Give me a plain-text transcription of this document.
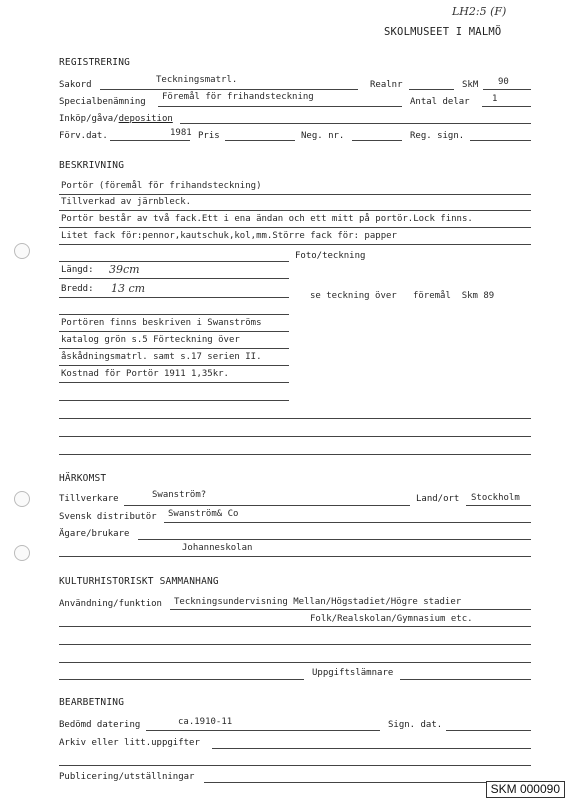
LH2:5 (F)
SKOLMUSEET I MALMÖ
REGISTRERING
Sakord	Teckningsmatrl.	Realnr	SkM 90
Specialbenämning Föremål för frihandsteckning	Antal delar 1
Inköp/gåva/deposition
Förv.dat.	1981 Pris	Neg. nr.	Reg. sign.
BESKRIVNING
Portör (föremål för frihandsteckning)
Tillverkad av järnbleck.
Portör består av två fack.Ett i ena ändan och ett mitt på portör.Lock finns.
Litet fack för:pennor,kautschuk,kol,mm.Större fack för: papper
Foto/teckning
Längd: 39cm
Bredd: 13 cm
se teckning över   föremål  Skm 89
Portören finns beskriven i Swanströms
katalog grön s.5 Förteckning över
åskådningsmatrl. samt s.17 serien II.
Kostnad för Portör 1911 1,35kr.
HÄRKOMST
Tillverkare	Swanström?	Land/ort Stockholm
Svensk distributör Swanström& Co
Ägare/brukare
Johanneskolan
KULTURHISTORISKT SAMMANHANG
Användning/funktion Teckningsundervisning Mellan/Högstadiet/Högre stadier
Folk/Realskolan/Gymnasium etc.
Uppgiftslämnare
BEARBETNING
Bedömd datering	ca.1910-11	Sign. dat.
Arkiv eller litt.uppgifter
Publicering/utställningar
SKM 000090
